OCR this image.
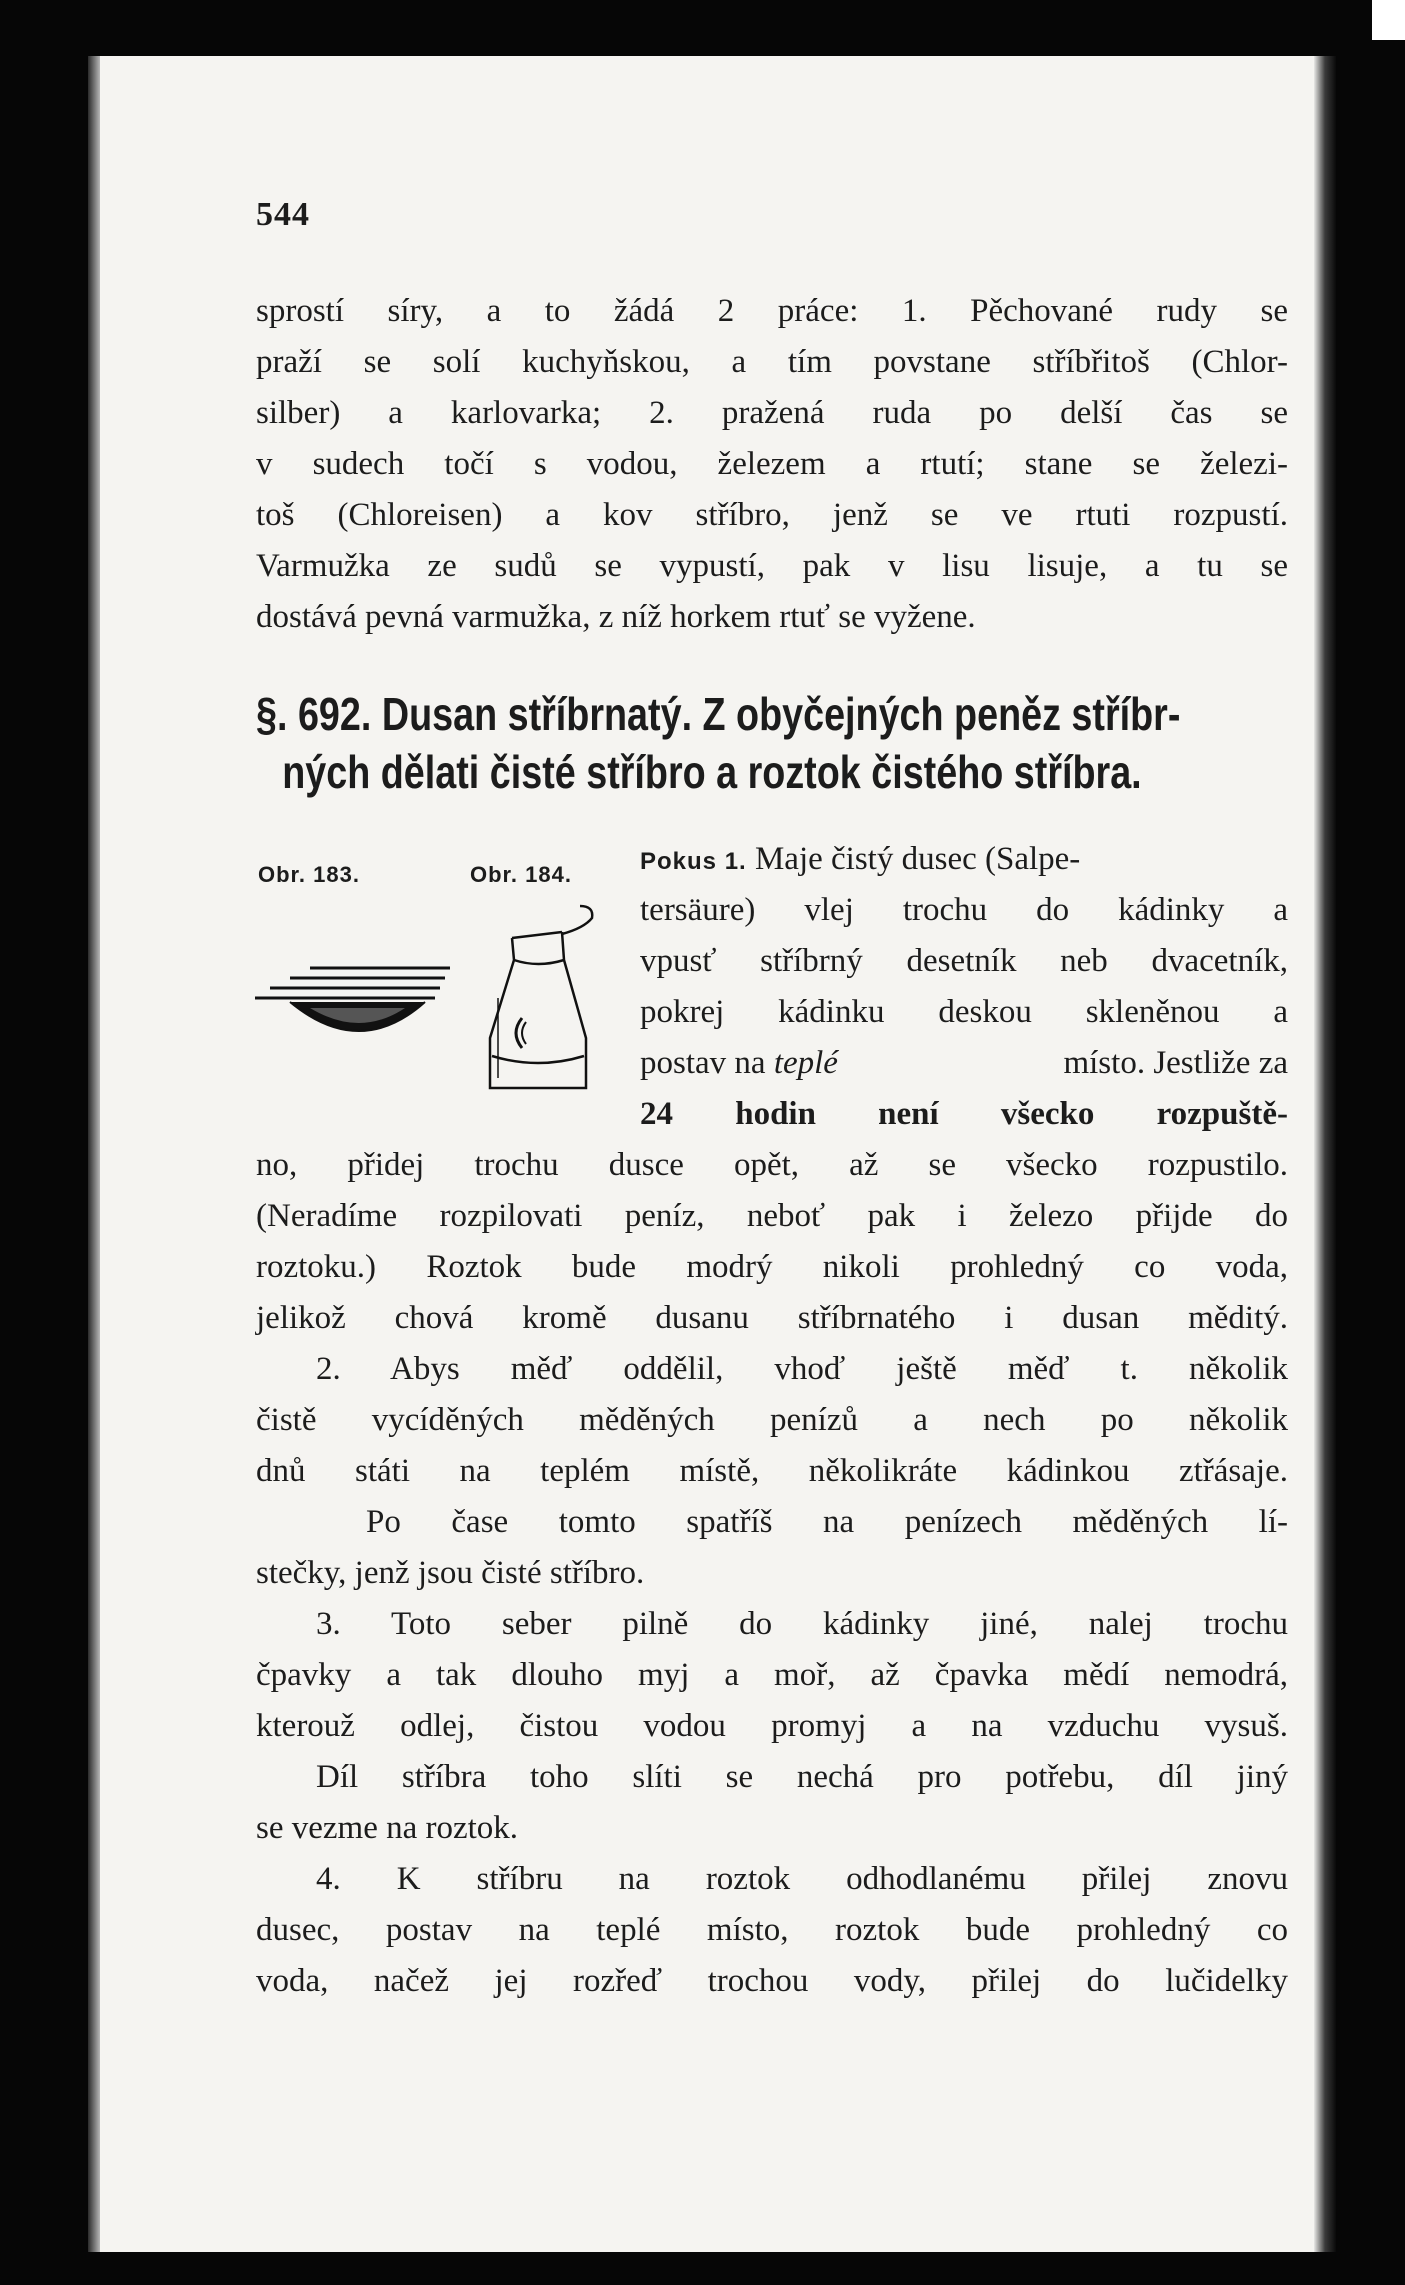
544
sprostí síry, a to žádá 2 práce: 1. Pěchované rudy se
praží se solí kuchyňskou, a tím povstane stříbřitoš (Chlor-
silber) a karlovarka; 2. pražená ruda po delší čas se
v sudech točí s vodou, železem a rtutí; stane se železi-
toš (Chloreisen) a kov stříbro, jenž se ve rtuti rozpustí.
Varmužka ze sudů se vypustí, pak v lisu lisuje, a tu se
dostává pevná varmužka, z níž horkem rtuť se vyžene.
§. 692. Dusan stříbrnatý. Z obyčejných peněz stříbr-
ných dělati čisté stříbro a roztok čistého stříbra.
Obr. 183.	Obr. 184.	Pokus 1. Maje čistý dusec (Salpe-
tersäure) vlej trochu do kádinky a
vpusť stříbrný desetník neb dvacetník,
pokrej kádinku deskou skleněnou a
postav na teplé	místo. Jestliže za
24 hodin není všecko rozpuště-
no, přidej trochu dusce opět, až se všecko rozpustilo.
(Neradíme rozpilovati peníz, neboť pak i železo přijde do
roztoku.) Roztok bude modrý nikoli prohledný co voda,
jelikož chová kromě dusanu stříbrnatého i dusan měditý.
2. Abys měď oddělil, vhoď ještě měď t. několik
čistě vycíděných měděných penízů a nech po několik
dnů státi na teplém místě, několikráte kádinkou ztřásaje.
Po čase tomto spatříš na penízech měděných lí-
stečky, jenž jsou čisté stříbro.
3. Toto seber pilně do kádinky jiné, nalej trochu
čpavky a tak dlouho myj a moř, až čpavka mědí nemodrá,
kterouž odlej, čistou vodou promyj a na vzduchu vysuš.
Díl stříbra toho slíti se nechá pro potřebu, díl jiný
se vezme na roztok.
4. K stříbru na roztok odhodlanému přilej znovu
dusec, postav na teplé místo, roztok bude prohledný co
voda, načež jej rozřeď trochou vody, přilej do lučidelky
